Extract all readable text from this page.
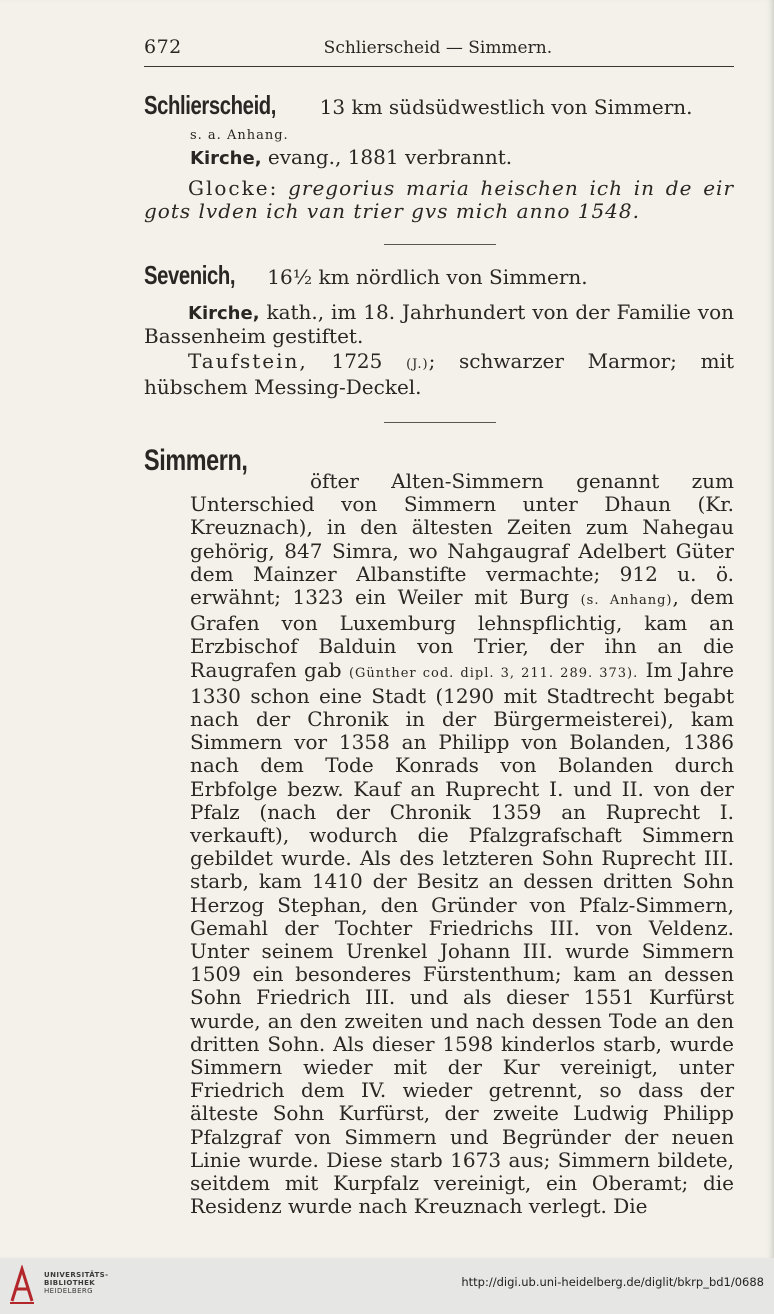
672	Schlierscheid — Simmern.
Schlierscheid, 13 km südsüdwestlich von Simmern.
s. a. Anhang.
Kirche, evang., 1881 verbrannt.
Glocke: gregorius maria heischen ich in de eir gots lvden ich van trier gvs mich anno 1548.
Sevenich, 16½ km nördlich von Simmern.
Kirche, kath., im 18. Jahrhundert von der Familie von Bassenheim gestiftet.
Taufstein, 1725 (J.); schwarzer Marmor; mit hübschem Messing-Deckel.
Simmern,
öfter Alten-Simmern genannt zum Unterschied von Simmern unter Dhaun (Kr. Kreuznach), in den ältesten Zeiten zum Nahegau gehörig, 847 Simra, wo Nahgaugraf Adelbert Güter dem Mainzer Albanstifte vermachte; 912 u. ö. erwähnt; 1323 ein Weiler mit Burg (s. Anhang), dem Grafen von Luxemburg lehnspflichtig, kam an Erzbischof Balduin von Trier, der ihn an die Raugrafen gab (Günther cod. dipl. 3, 211. 289. 373). Im Jahre 1330 schon eine Stadt (1290 mit Stadtrecht begabt nach der Chronik in der Bürgermeisterei), kam Simmern vor 1358 an Philipp von Bolanden, 1386 nach dem Tode Konrads von Bolanden durch Erbfolge bezw. Kauf an Ruprecht I. und II. von der Pfalz (nach der Chronik 1359 an Ruprecht I. verkauft), wodurch die Pfalzgrafschaft Simmern gebildet wurde. Als des letzteren Sohn Ruprecht III. starb, kam 1410 der Besitz an dessen dritten Sohn Herzog Stephan, den Gründer von Pfalz-Simmern, Gemahl der Tochter Friedrichs III. von Veldenz. Unter seinem Urenkel Johann III. wurde Simmern 1509 ein besonderes Fürstenthum; kam an dessen Sohn Friedrich III. und als dieser 1551 Kurfürst wurde, an den zweiten und nach dessen Tode an den dritten Sohn. Als dieser 1598 kinderlos starb, wurde Simmern wieder mit der Kur vereinigt, unter Friedrich dem IV. wieder getrennt, so dass der älteste Sohn Kurfürst, der zweite Ludwig Philipp Pfalzgraf von Simmern und Begründer der neuen Linie wurde. Diese starb 1673 aus; Simmern bildete, seitdem mit Kurpfalz vereinigt, ein Oberamt; die Residenz wurde nach Kreuznach verlegt. Die
UNIVERSITÄTS-
BIBLIOTHEK
HEIDELBERG
http://digi.ub.uni-heidelberg.de/diglit/bkrp_bd1/0688
